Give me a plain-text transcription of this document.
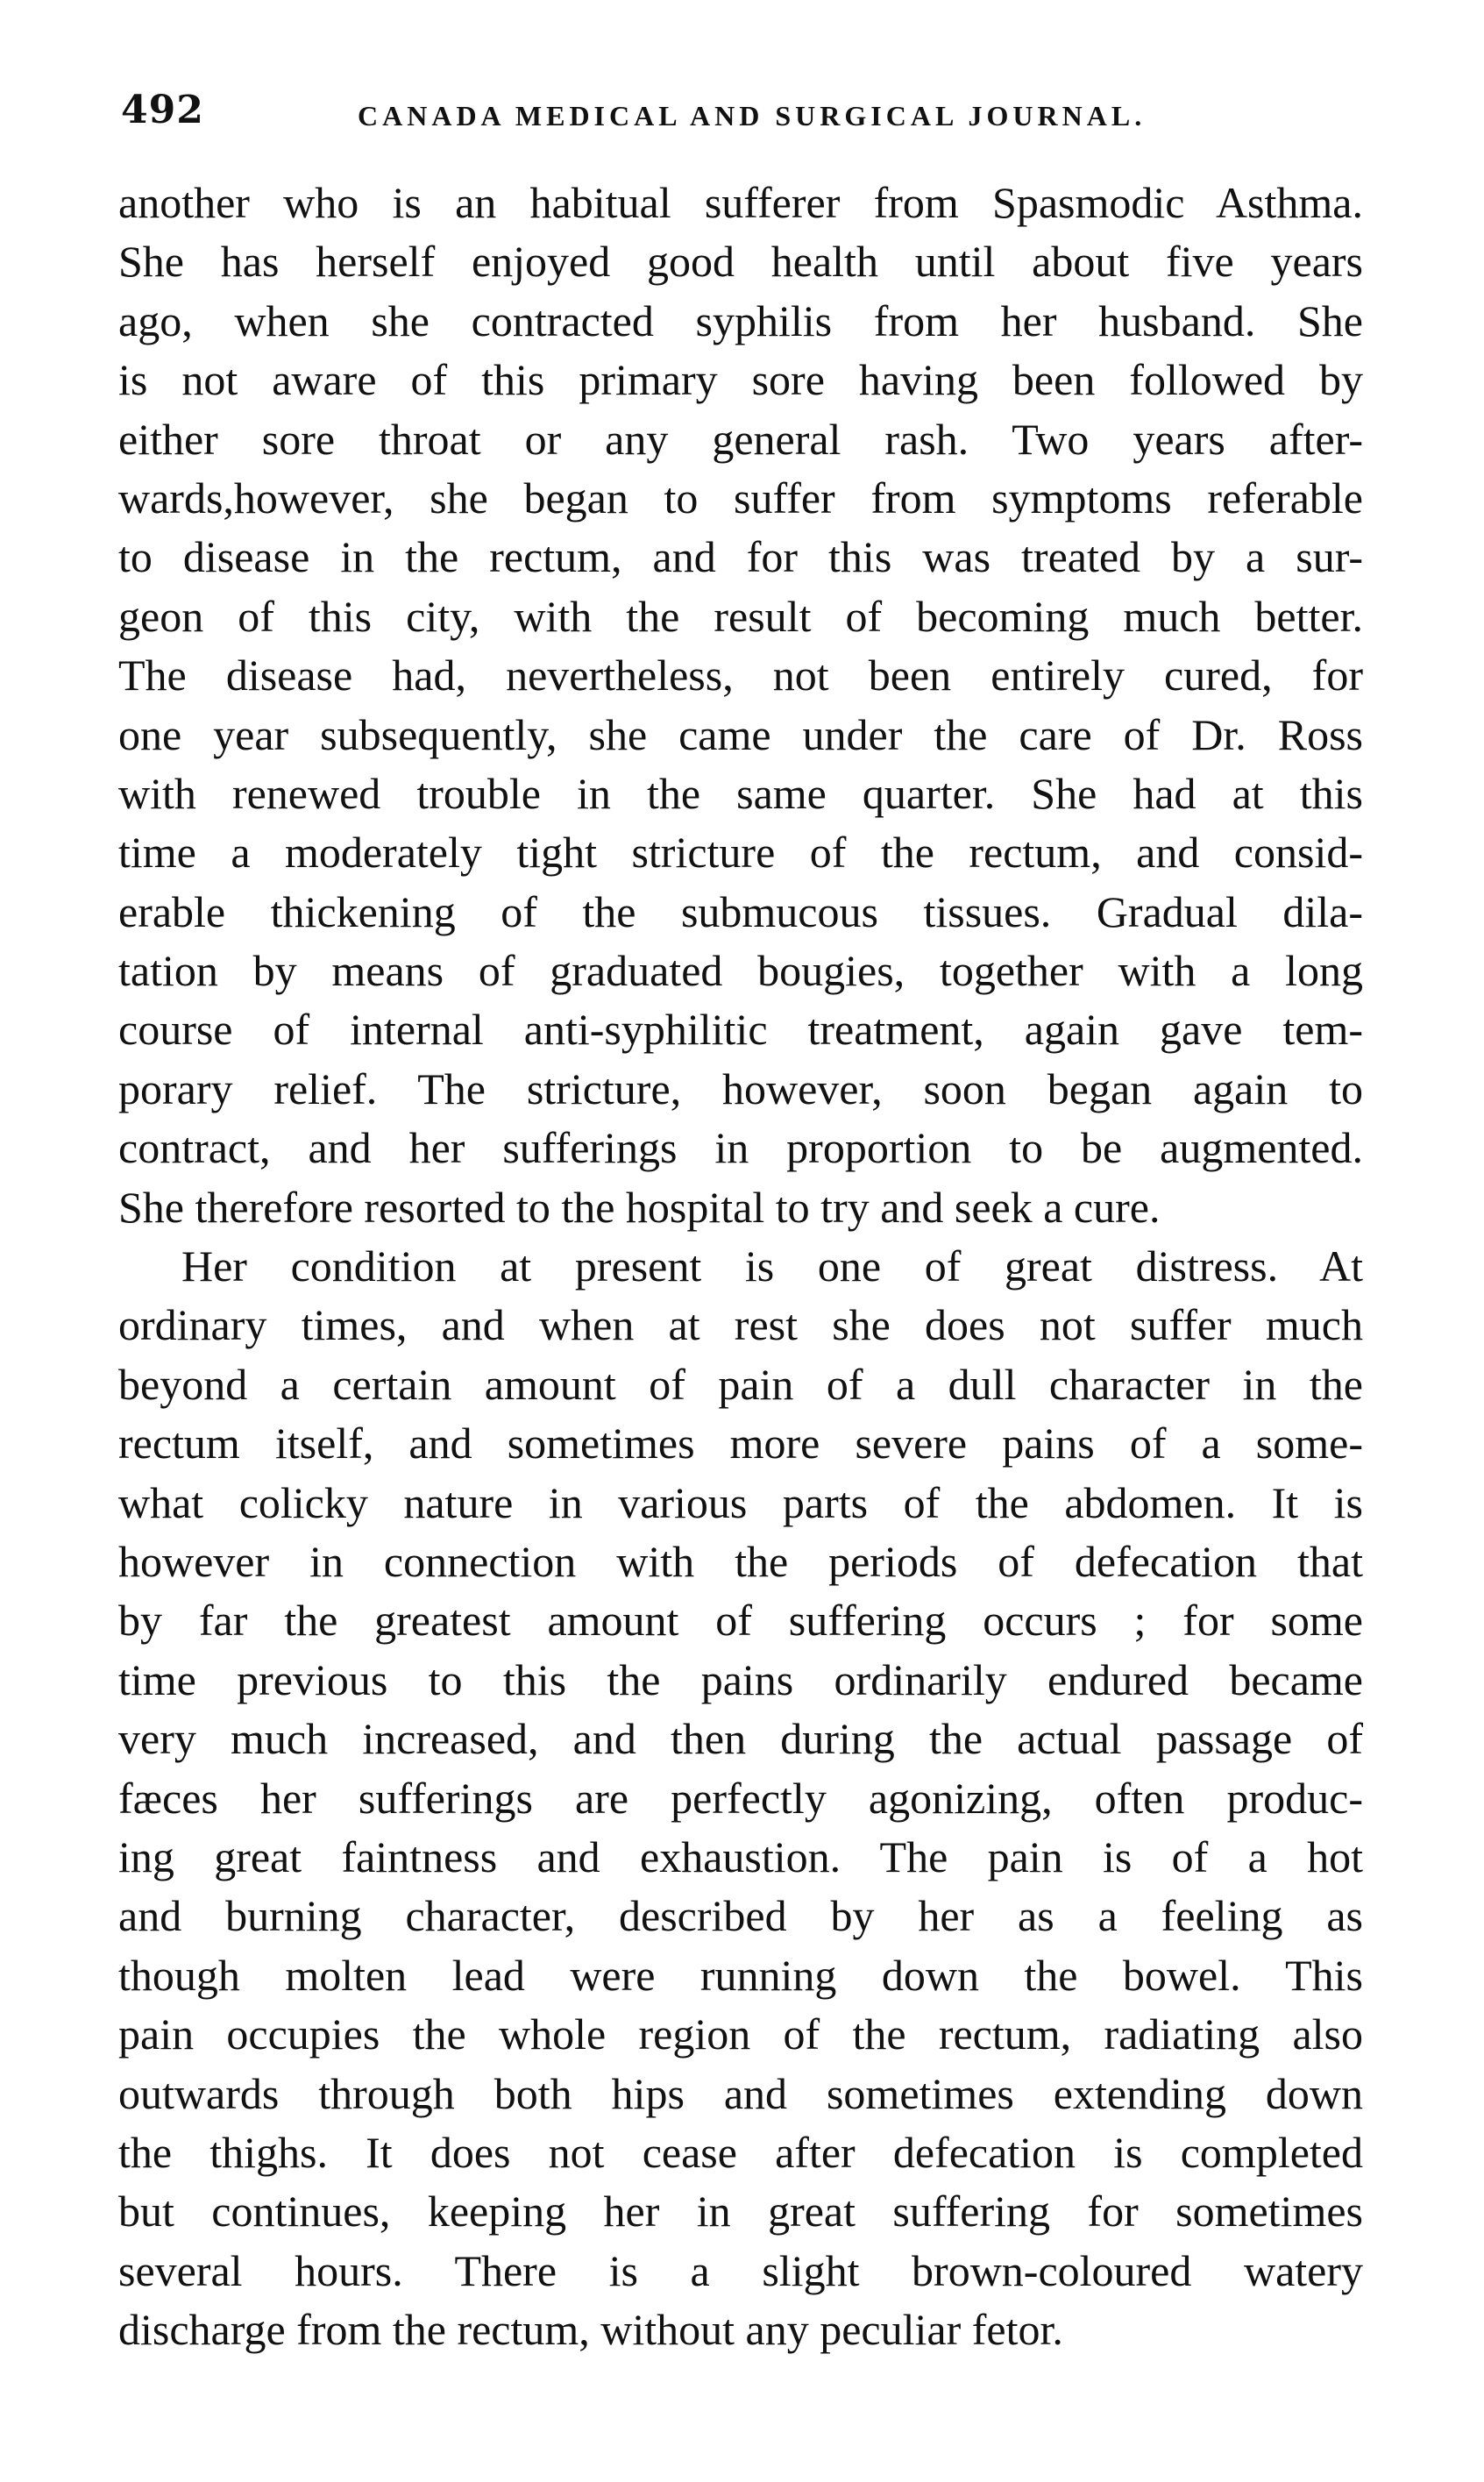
492	CANADA MEDICAL AND SURGICAL JOURNAL.
another who is an habitual sufferer from Spasmodic Asthma.
She has herself enjoyed good health until about five years
ago, when she contracted syphilis from her husband. She
is not aware of this primary sore having been followed by
either sore throat or any general rash. Two years after-
wards,however, she began to suffer from symptoms referable
to disease in the rectum, and for this was treated by a sur-
geon of this city, with the result of becoming much better.
The disease had, nevertheless, not been entirely cured, for
one year subsequently, she came under the care of Dr. Ross
with renewed trouble in the same quarter. She had at this
time a moderately tight stricture of the rectum, and consid-
erable thickening of the submucous tissues. Gradual dila-
tation by means of graduated bougies, together with a long
course of internal anti-syphilitic treatment, again gave tem-
porary relief. The stricture, however, soon began again to
contract, and her sufferings in proportion to be augmented.
She therefore resorted to the hospital to try and seek a cure.
Her condition at present is one of great distress. At
ordinary times, and when at rest she does not suffer much
beyond a certain amount of pain of a dull character in the
rectum itself, and sometimes more severe pains of a some-
what colicky nature in various parts of the abdomen. It is
however in connection with the periods of defecation that
by far the greatest amount of suffering occurs ; for some
time previous to this the pains ordinarily endured became
very much increased, and then during the actual passage of
fæces her sufferings are perfectly agonizing, often produc-
ing great faintness and exhaustion. The pain is of a hot
and burning character, described by her as a feeling as
though molten lead were running down the bowel. This
pain occupies the whole region of the rectum, radiating also
outwards through both hips and sometimes extending down
the thighs. It does not cease after defecation is completed
but continues, keeping her in great suffering for sometimes
several hours. There is a slight brown-coloured watery
discharge from the rectum, without any peculiar fetor.
